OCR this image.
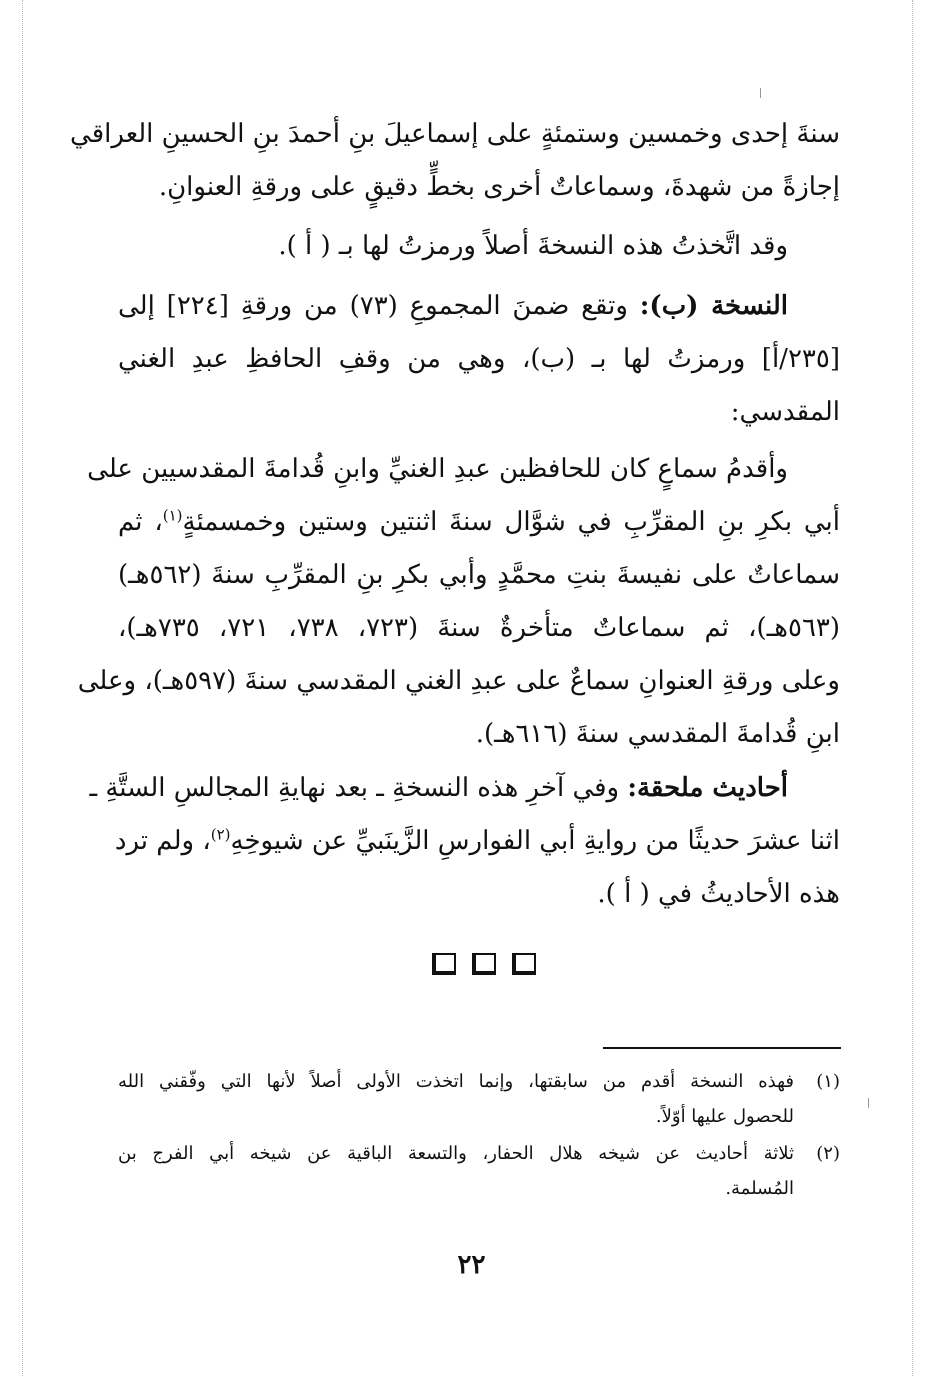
سنةَ إحدى وخمسين وستمئةٍ على إسماعيلَ بنِ أحمدَ بنِ الحسينِ العراقي
إجازةً من شهدةَ، وسماعاتٌ أخرى بخطٍّ دقيقٍ على ورقةِ العنوانِ.
وقد اتَّخذتُ هذه النسخةَ أصلاً ورمزتُ لها بـ ( أ ).
النسخة (ب): وتقع ضمنَ المجموعِ (٧٣) من ورقةِ [٢٢٤] إلى
[٢٣٥/أ] ورمزتُ لها بـ (ب)، وهي من وقفِ الحافظِ عبدِ الغني
المقدسي:
وأقدمُ سماعٍ كان للحافظين عبدِ الغنيِّ وابنِ قُدامةَ المقدسيين على
أبي بكرِ بنِ المقرِّبِ في شوَّال سنةَ اثنتين وستين وخمسمئةٍ$^{(١)}$، ثم
سماعاتٌ على نفيسةَ بنتِ محمَّدٍ وأبي بكرِ بنِ المقرِّبِ سنةَ (٥٦٢هـ)
(٥٦٣هـ)، ثم سماعاتٌ متأخرةٌ سنةَ (٧٢٣، ٧٣٨، ٧٢١، ٧٣٥هـ)،
وعلى ورقةِ العنوانِ سماعٌ على عبدِ الغني المقدسي سنةَ (٥٩٧هـ)، وعلى
ابنِ قُدامةَ المقدسي سنةَ (٦١٦هـ).
أحاديث ملحقة: وفي آخرِ هذه النسخةِ ـ بعد نهايةِ المجالسِ الستَّةِ ـ
اثنا عشرَ حديثًا من روايةِ أبي الفوارسِ الزَّينَبيِّ عن شيوخِهِ$^{(٢)}$، ولم ترد
هذه الأحاديثُ في ( أ ).
(١)
فهذه النسخة أقدم من سابقتها، وإنما اتخذت الأولى أصلاً لأنها التي وفّقني الله
للحصول عليها أوّلاً.
(٢)
ثلاثة أحاديث عن شيخه هلال الحفار، والتسعة الباقية عن شيخه أبي الفرج بن
المُسلمة.
٢٢
